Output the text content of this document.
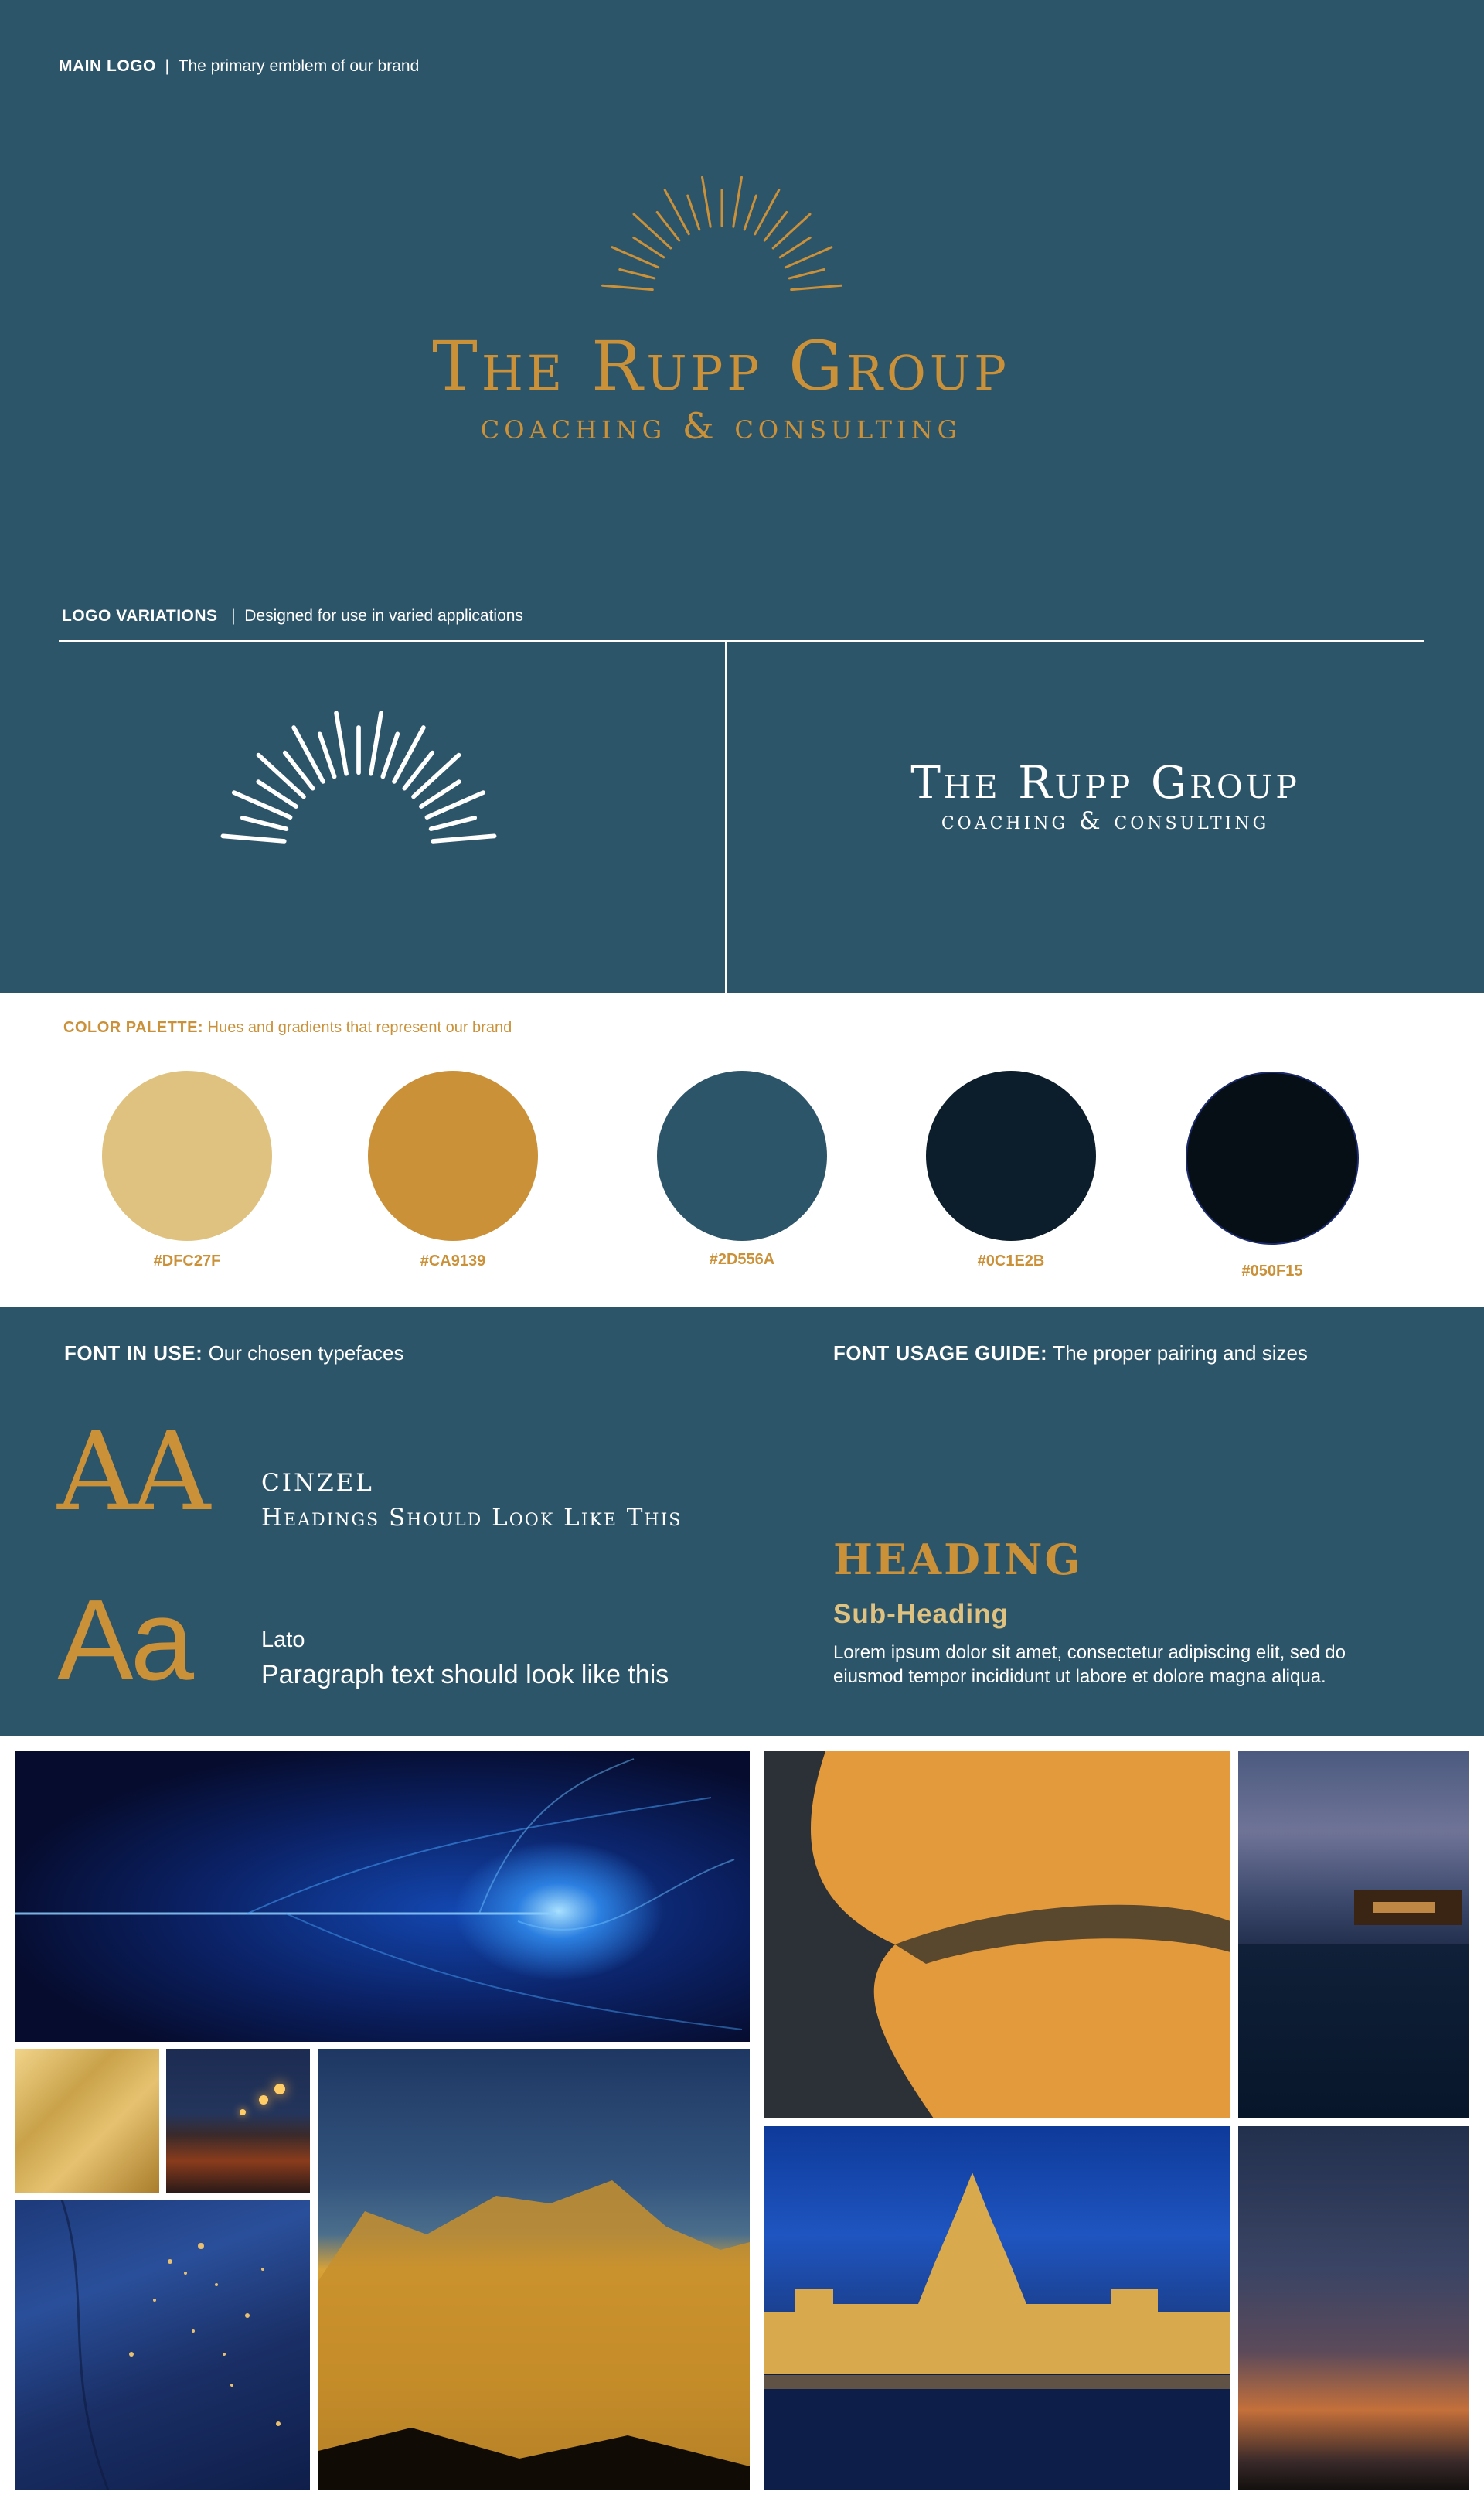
MAIN LOGO | The primary emblem of our brand
The Rupp Group
coaching & consulting
LOGO VARIATIONS | Designed for use in varied applications
The Rupp Group
coaching & consulting
COLOR PALETTE: Hues and gradients that represent our brand
#DFC27F	#CA9139	#2D556A	#0C1E2B
#050F15
FONT IN USE: Our chosen typefaces	FONT USAGE GUIDE: The proper pairing and sizes
AA CINZEL
Headings Should Look Like This
Aa	Lato
Paragraph text should look like this
HEADING
Sub-Heading
Lorem ipsum dolor sit amet, consectetur adipiscing elit, sed do eiusmod tempor incididunt ut labore et dolore magna aliqua.
